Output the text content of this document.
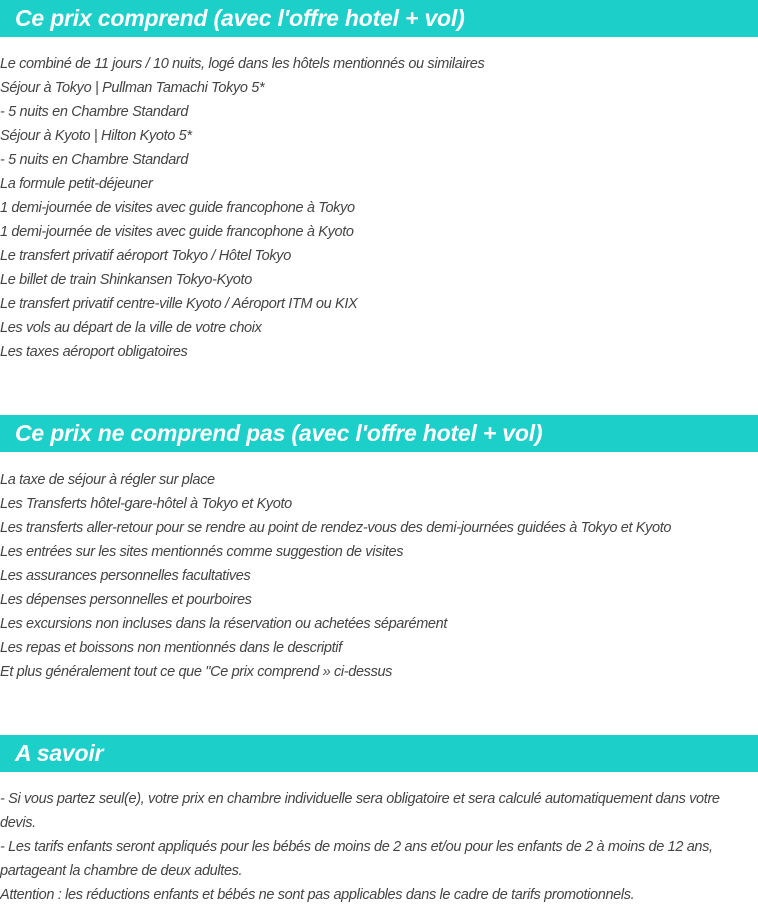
Ce prix comprend (avec l'offre hotel + vol)
Le combiné de 11 jours / 10 nuits, logé dans les hôtels mentionnés ou similaires
Séjour à Tokyo | Pullman Tamachi Tokyo 5*
- 5 nuits en Chambre Standard
Séjour à Kyoto | Hilton Kyoto 5*
- 5 nuits en Chambre Standard
La formule petit-déjeuner
1 demi-journée de visites avec guide francophone à Tokyo
1 demi-journée de visites avec guide francophone à Kyoto
Le transfert privatif aéroport Tokyo / Hôtel Tokyo
Le billet de train Shinkansen Tokyo-Kyoto
Le transfert privatif centre-ville Kyoto / Aéroport ITM ou KIX
Les vols au départ de la ville de votre choix
Les taxes aéroport obligatoires
Ce prix ne comprend pas (avec l'offre hotel + vol)
La taxe de séjour à régler sur place
Les Transferts hôtel-gare-hôtel à Tokyo et Kyoto
Les transferts aller-retour pour se rendre au point de rendez-vous des demi-journées guidées à Tokyo et Kyoto
Les entrées sur les sites mentionnés comme suggestion de visites
Les assurances personnelles facultatives
Les dépenses personnelles et pourboires
Les excursions non incluses dans la réservation ou achetées séparément
Les repas et boissons non mentionnés dans le descriptif
Et plus généralement tout ce que "Ce prix comprend » ci-dessus
A savoir
- Si vous partez seul(e), votre prix en chambre individuelle sera obligatoire et sera calculé automatiquement dans votre devis.
- Les tarifs enfants seront appliqués pour les bébés de moins de 2 ans et/ou pour les enfants de 2 à moins de 12 ans, partageant la chambre de deux adultes.
Attention : les réductions enfants et bébés ne sont pas applicables dans le cadre de tarifs promotionnels.
